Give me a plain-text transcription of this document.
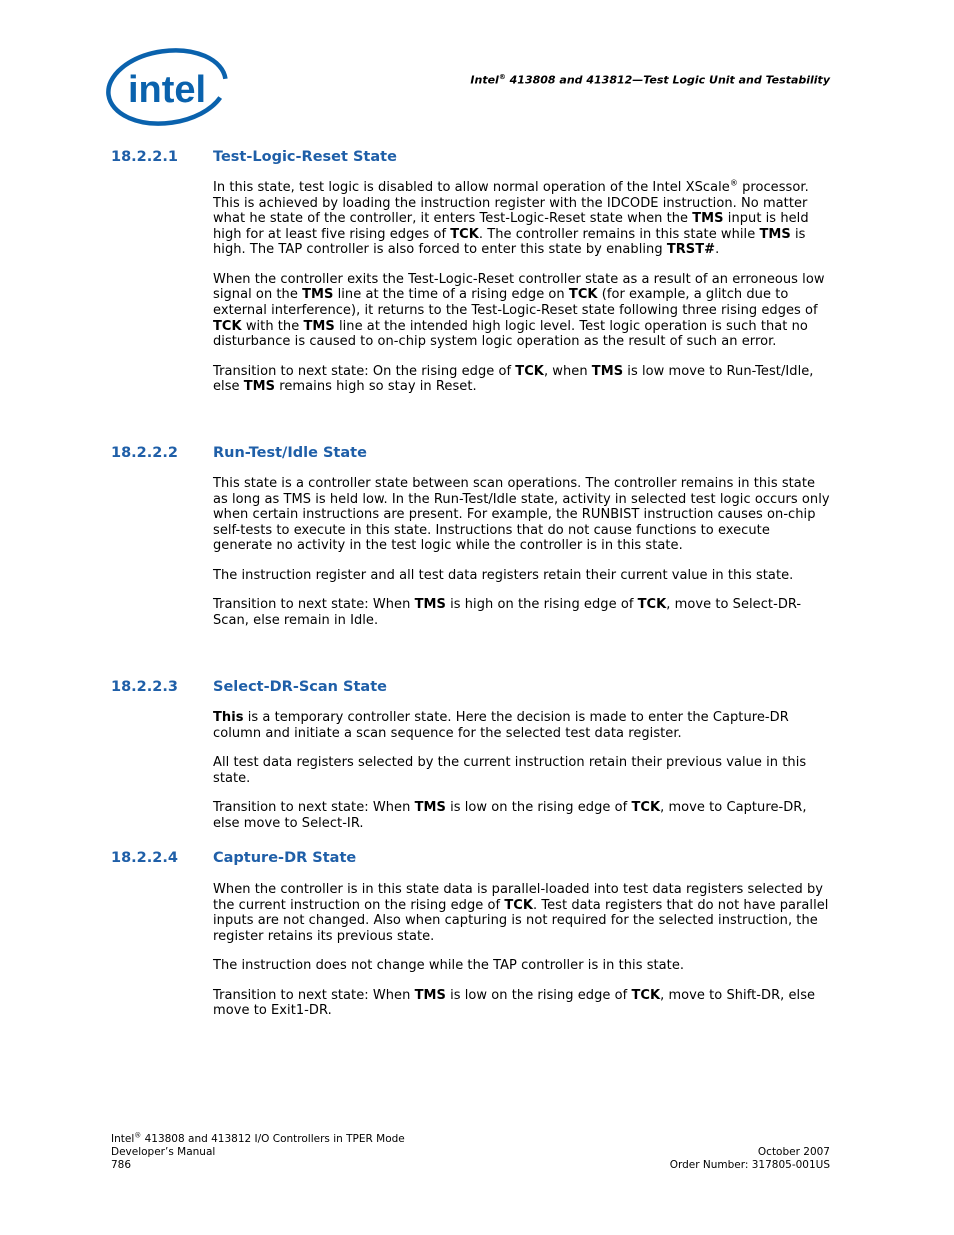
intel	Intel® 413808 and 413812—Test Logic Unit and Testability
18.2.2.1 Test-Logic-Reset State

In this state, test logic is disabled to allow normal operation of the Intel XScale® processor. This is achieved by loading the instruction register with the IDCODE instruction. No matter what he state of the controller, it enters Test-Logic-Reset state when the TMS input is held high for at least five rising edges of TCK. The controller remains in this state while TMS is high. The TAP controller is also forced to enter this state by enabling TRST#.

When the controller exits the Test-Logic-Reset controller state as a result of an erroneous low signal on the TMS line at the time of a rising edge on TCK (for example, a glitch due to external interference), it returns to the Test-Logic-Reset state following three rising edges of TCK with the TMS line at the intended high logic level. Test logic operation is such that no disturbance is caused to on-chip system logic operation as the result of such an error.

Transition to next state: On the rising edge of TCK, when TMS is low move to Run-Test/Idle, else TMS remains high so stay in Reset.

18.2.2.2 Run-Test/Idle State

This state is a controller state between scan operations. The controller remains in this state as long as TMS is held low. In the Run-Test/Idle state, activity in selected test logic occurs only when certain instructions are present. For example, the RUNBIST instruction causes on-chip self-tests to execute in this state. Instructions that do not cause functions to execute generate no activity in the test logic while the controller is in this state.

The instruction register and all test data registers retain their current value in this state.

Transition to next state: When TMS is high on the rising edge of TCK, move to Select-DR-Scan, else remain in Idle.

18.2.2.3 Select-DR-Scan State

This is a temporary controller state. Here the decision is made to enter the Capture-DR column and initiate a scan sequence for the selected test data register.

All test data registers selected by the current instruction retain their previous value in this state.

Transition to next state: When TMS is low on the rising edge of TCK, move to Capture-DR, else move to Select-IR.

18.2.2.4 Capture-DR State

When the controller is in this state data is parallel-loaded into test data registers selected by the current instruction on the rising edge of TCK. Test data registers that do not have parallel inputs are not changed. Also when capturing is not required for the selected instruction, the register retains its previous state.

The instruction does not change while the TAP controller is in this state.

Transition to next state: When TMS is low on the rising edge of TCK, move to Shift-DR, else move to Exit1-DR.

Intel® 413808 and 413812 I/O Controllers in TPER Mode
Developer’s Manual
786
October 2007
Order Number: 317805-001US
